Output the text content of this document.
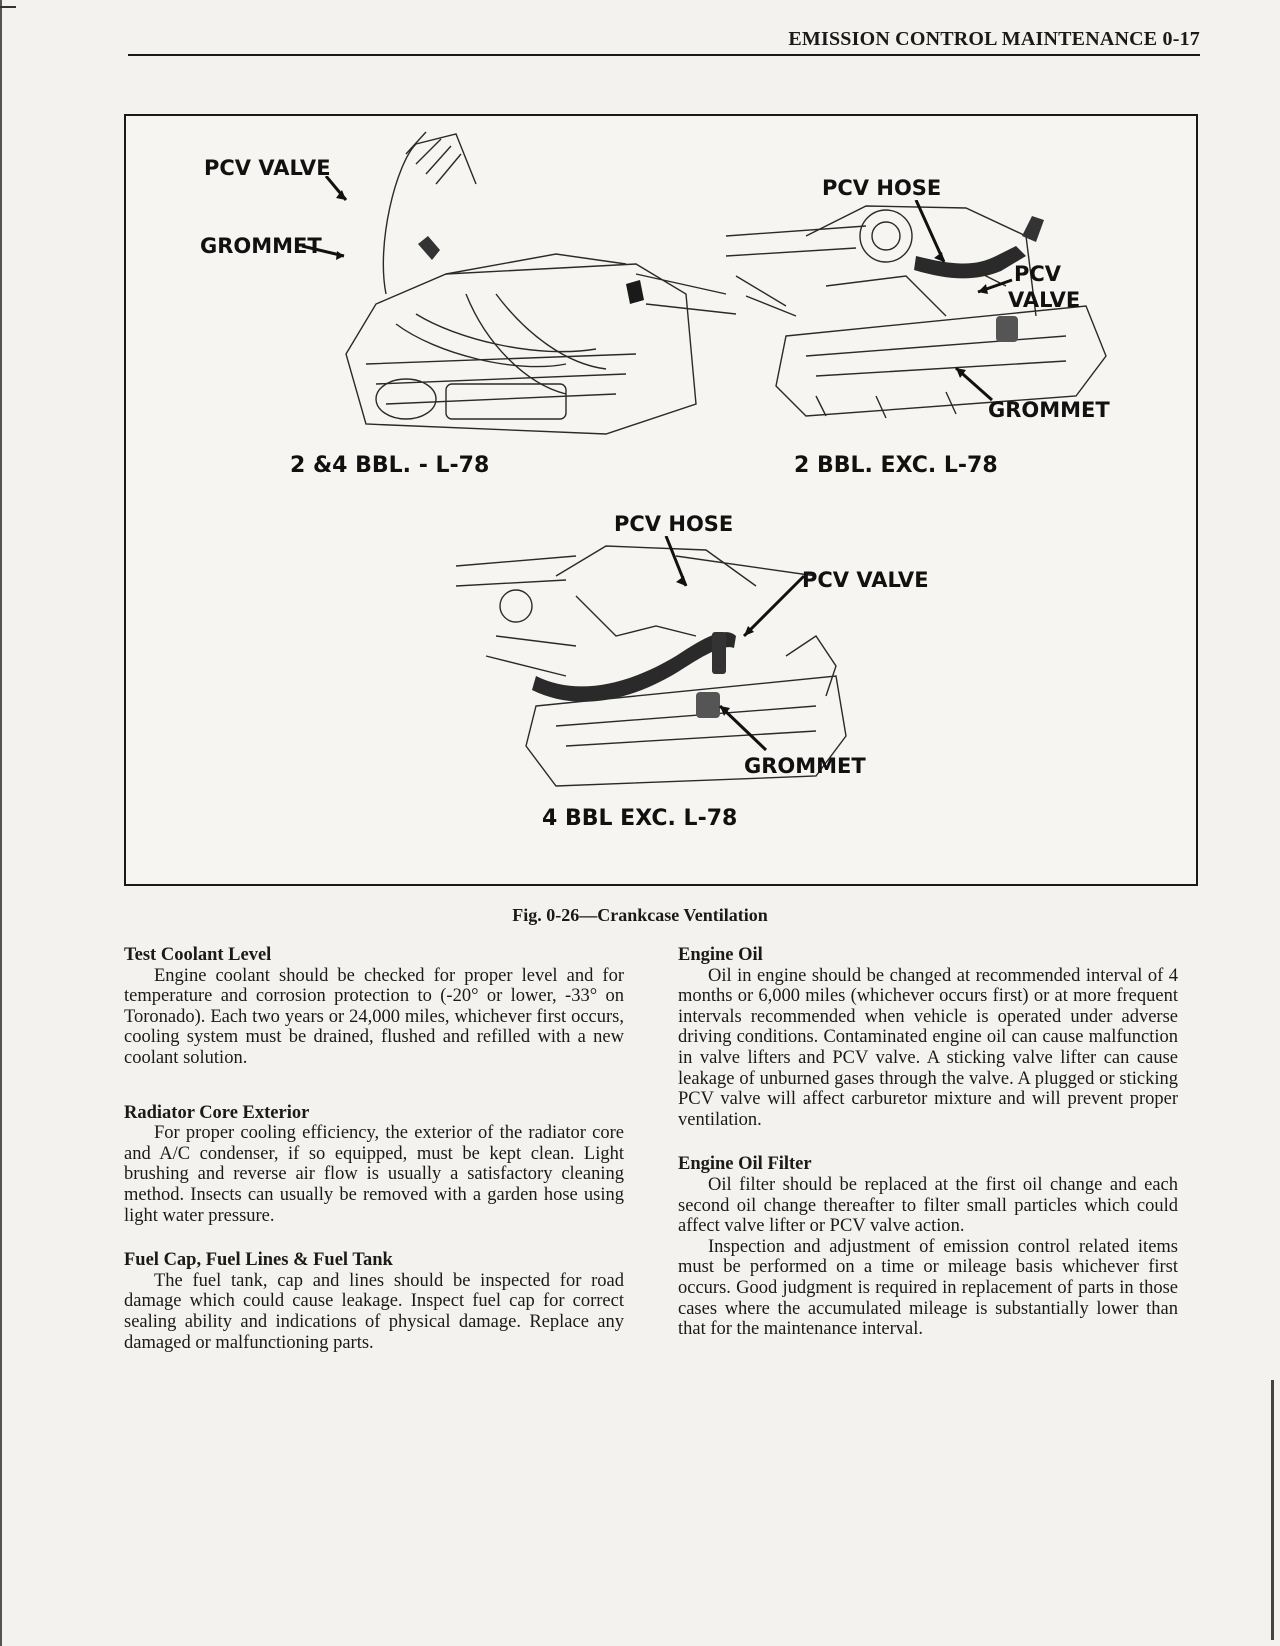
EMISSION CONTROL MAINTENANCE 0-17
PCV VALVE
GROMMET
2 &4 BBL. - L-78
PCV HOSE
PCV
VALVE
GROMMET
2 BBL. EXC. L-78
PCV HOSE
PCV VALVE
GROMMET
4 BBL EXC. L-78
Fig. 0-26—Crankcase Ventilation
Test Coolant Level

Engine coolant should be checked for proper level and for temperature and corrosion protection to (-20° or lower, -33° on Toronado). Each two years or 24,000 miles, whichever first occurs, cooling system must be drained, flushed and refilled with a new coolant solution.

Radiator Core Exterior

For proper cooling efficiency, the exterior of the radiator core and A/C condenser, if so equipped, must be kept clean. Light brushing and reverse air flow is usually a satisfactory cleaning method. Insects can usually be removed with a garden hose using light water pressure.

Fuel Cap, Fuel Lines & Fuel Tank

The fuel tank, cap and lines should be inspected for road damage which could cause leakage. Inspect fuel cap for correct sealing ability and indications of physical damage. Replace any damaged or malfunctioning parts.

Engine Oil

Oil in engine should be changed at recommended interval of 4 months or 6,000 miles (whichever occurs first) or at more frequent intervals recommended when vehicle is operated under adverse driving conditions. Contaminated engine oil can cause malfunction in valve lifters and PCV valve. A sticking valve lifter can cause leakage of unburned gases through the valve. A plugged or sticking PCV valve will affect carburetor mixture and will prevent proper ventilation.

Engine Oil Filter

Oil filter should be replaced at the first oil change and each second oil change thereafter to filter small particles which could affect valve lifter or PCV valve action.

Inspection and adjustment of emission control related items must be performed on a time or mileage basis whichever first occurs. Good judgment is required in replacement of parts in those cases where the accumulated mileage is substantially lower than that for the maintenance interval.
